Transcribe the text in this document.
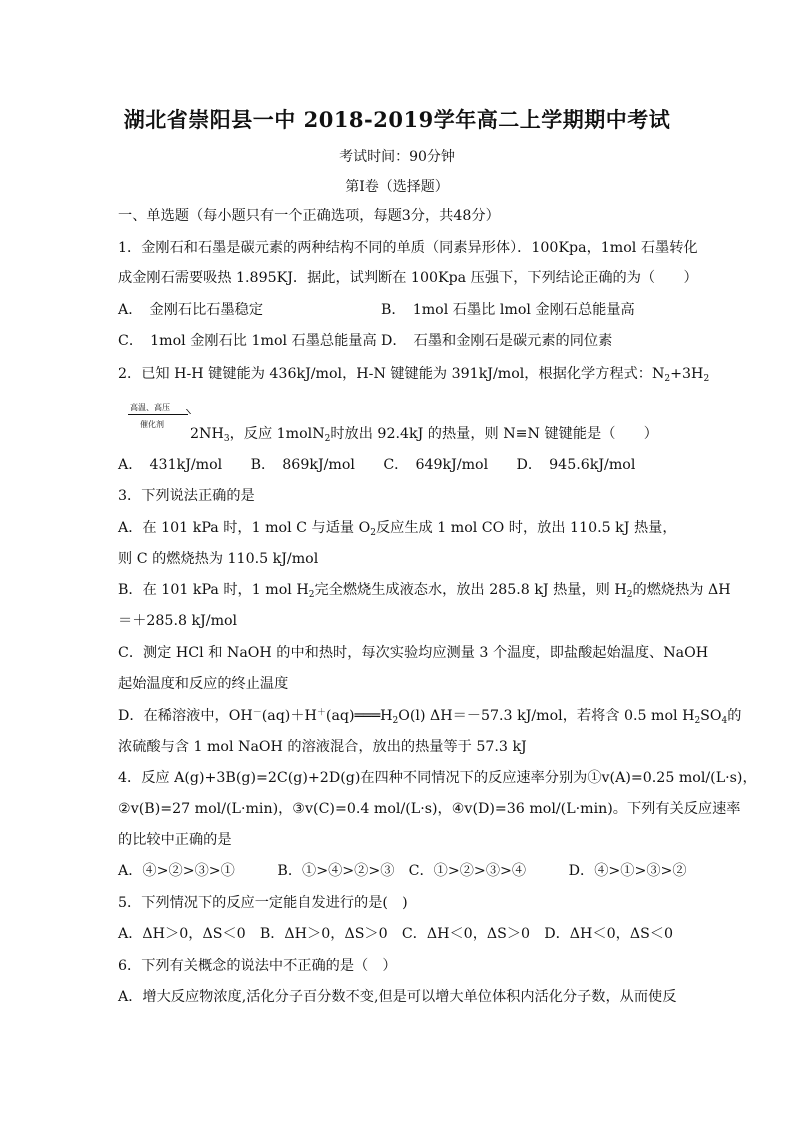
湖北省崇阳县一中 2018-2019学年高二上学期期中考试
考试时间：90分钟
第Ⅰ卷（选择题）
一、单选题（每小题只有一个正确选项，每题3分，共48分）
1．金刚石和石墨是碳元素的两种结构不同的单质（同素异形体）．100Kpa，1mol 石墨转化
成金刚石需要吸热 1.895KJ．据此，试判断在 100Kpa 压强下，下列结论正确的为（　　）
A．　金刚石比石墨稳定	B．　1mol 石墨比 lmol 金刚石总能量高
C．　1mol 金刚石比 1mol 石墨总能量高 D．　石墨和金刚石是碳元素的同位素
2．已知 H-H 键键能为 436kJ/mol，H-N 键键能为 391kJ/mol，根据化学方程式：$N_2+3H_2$
高温、高压
催化剂
$2NH_3$，反应 1molN$_2$时放出 92.4kJ 的热量，则 N≡N 键键能是（　　）
A．　431kJ/mol　　B．　869kJ/mol　　C．　649kJ/mol　　D．　945.6kJ/mol
3．下列说法正确的是
A．在 101 kPa 时，1 mol C 与适量 $O_2$反应生成 1 mol CO 时，放出 110.5 kJ 热量，
则 C 的燃烧热为 110.5 kJ/mol
B．在 101 kPa 时，1 mol $H_2$完全燃烧生成液态水，放出 285.8 kJ 热量，则 $H_2$的燃烧热为 ΔH
＝＋285.8 kJ/mol
C．测定 HCl 和 NaOH 的中和热时，每次实验均应测量 3 个温度，即盐酸起始温度、NaOH
起始温度和反应的终止温度
D．在稀溶液中，$OH^-(aq)+H^+(aq)═══H_2O(l)$ ΔH＝－57.3 kJ/mol，若将含 0.5 mol $H_2SO_4$的
浓硫酸与含 1 mol NaOH 的溶液混合，放出的热量等于 57.3 kJ
4．反应 A(g)+3B(g)=2C(g)+2D(g)在四种不同情况下的反应速率分别为①v(A)=0.25 mol/(L·s)，
②v(B)=27 mol/(L·min)，③v(C)=0.4 mol/(L·s)，④v(D)=36 mol/(L·min)。下列有关反应速率
的比较中正确的是
A．④>②>③>①　　　B．①>④>②>③　C．①>②>③>④　　　D．④>①>③>②
5．下列情况下的反应一定能自发进行的是(　)
A．ΔH＞0，ΔS＜0　B．ΔH＞0，ΔS＞0　C．ΔH＜0，ΔS＞0　D．ΔH＜0，ΔS＜0
6．下列有关概念的说法中不正确的是（　）
A．增大反应物浓度,活化分子百分数不变,但是可以增大单位体积内活化分子数，从而使反
